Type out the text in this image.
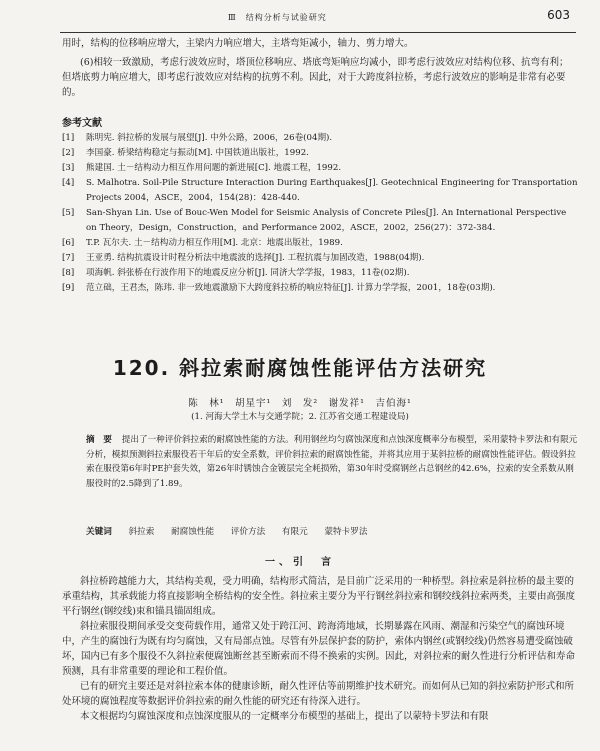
Ⅲ　结构分析与试验研究	603
用时，结构的位移响应增大，主梁内力响应增大，主塔弯矩减小，轴力、剪力增大。
(6)相较一致激励，考虑行波效应时，塔顶位移响应、塔底弯矩响应均减小，即考虑行波效应对结构位移、抗弯有利；但塔底剪力响应增大，即考虑行波效应对结构的抗剪不利。因此，对于大跨度斜拉桥，考虑行波效应的影响是非常有必要的。
参考文献
[1]	陈明宪. 斜拉桥的发展与展望[J]. 中外公路，2006，26卷(04期).
[2]	李国豪. 桥梁结构稳定与振动[M]. 中国铁道出版社，1992.
[3]	熊建国. 土－结构动力相互作用问题的新进展[C]. 地震工程，1992.
[4]	S. Malhotra. Soil-Pile Structure Interaction During Earthquakes[J]. Geotechnical Engineering for Transportation Projects 2004，ASCE，2004，154(28)：428-440.
[5]	San-Shyan Lin. Use of Bouc-Wen Model for Seismic Analysis of Concrete Piles[J]. An International Perspective on Theory，Design，Construction，and Performance 2002，ASCE，2002，256(27)：372-384.
[6]	T.P. 瓦尔夫. 土－结构动力相互作用[M]. 北京：地震出版社，1989.
[7]	王亚勇. 结构抗震设计时程分析法中地震波的选择[J]. 工程抗震与加固改造，1988(04期).
[8]	项海帆. 斜张桥在行波作用下的地震反应分析[J]. 同济大学学报，1983，11卷(02期).
[9]	范立础，王君杰，陈玮. 非一致地震激励下大跨度斜拉桥的响应特征[J]. 计算力学学报，2001，18卷(03期).
120. 斜拉索耐腐蚀性能评估方法研究
陈　林¹　胡星宇¹　刘　发²　谢发祥¹　吉伯海¹
(1. 河海大学土木与交通学院；2. 江苏省交通工程建设局)
摘　要 提出了一种评价斜拉索的耐腐蚀性能的方法。利用钢丝均匀腐蚀深度和点蚀深度概率分布模型，采用蒙特卡罗法和有限元分析，模拟预测斜拉索服役若干年后的安全系数，评价斜拉索的耐腐蚀性能，并将其应用于某斜拉桥的耐腐蚀性能评估。假设斜拉索在服役第6年时PE护套失效，第26年时锈蚀合金镀层完全耗损殆，第30年时受腐钢丝占总钢丝的42.6%，拉索的安全系数从刚服役时的2.5降到了1.89。
关键词 斜拉索 耐腐蚀性能 评价方法 有限元 蒙特卡罗法
一、引　言

斜拉桥跨越能力大，其结构美观，受力明确，结构形式简洁，是目前广泛采用的一种桥型。斜拉索是斜拉桥的最主要的承重结构，其承载能力将直接影响全桥结构的安全性。斜拉索主要分为平行钢丝斜拉索和钢绞线斜拉索两类，主要由高强度平行钢丝(钢绞线)束和锚具锚固组成。

斜拉索服役期间承受交变荷载作用，通常又处于跨江河、跨海湾地域，长期暴露在风雨、潮湿和污染空气的腐蚀环境中，产生的腐蚀行为既有均匀腐蚀，又有局部点蚀。尽管有外层保护套的防护，索体内钢丝(或钢绞线)仍然容易遭受腐蚀破坏，国内已有多个服役不久斜拉索便腐蚀断丝甚至断索而不得不换索的实例。因此，对斜拉索的耐久性进行分析评估和寿命预测，具有非常重要的理论和工程价值。

已有的研究主要还是对斜拉索本体的健康诊断，耐久性评估等前期维护技术研究。而如何从已知的斜拉索防护形式和所处环境的腐蚀程度等数据评价斜拉索的耐久性能的研究还有待深入进行。

本文根据均匀腐蚀深度和点蚀深度服从的一定概率分布模型的基础上，提出了以蒙特卡罗法和有限
